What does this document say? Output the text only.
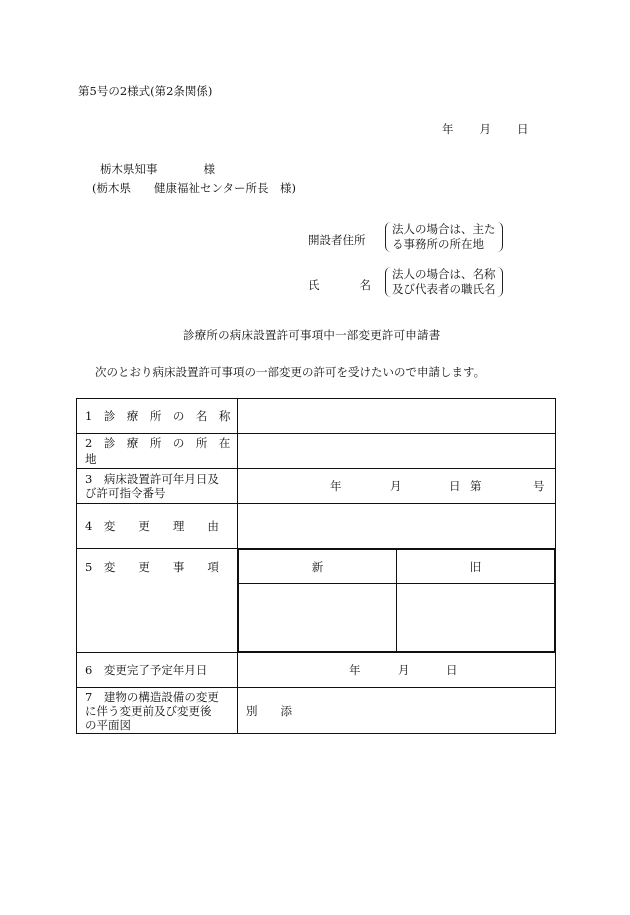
第5号の2様式(第2条関係)
年 月 日
栃木県知事	様
(栃木県　　健康福祉センター所長　様)
開設者住所
法人の場合は、主た
る事務所の所在地
氏	名
法人の場合は、名称
及び代表者の職氏名
診療所の病床設置許可事項中一部変更許可申請書
次のとおり病床設置許可事項の一部変更の許可を受けたいので申請します。
1　診　療　所　の　名　称	
2　診　療　所　の　所　在　地	

3　病床設置許可年月日及
び許可指令番号	年	月	日 第	号

4　変　　更　　理　　由	
5　変　　更　　事　　項		新	旧

6　変更完了予定年月日	年	月	日

7　建物の構造設備の変更
に伴う変更前及び変更後
の平面図
	別　　添
